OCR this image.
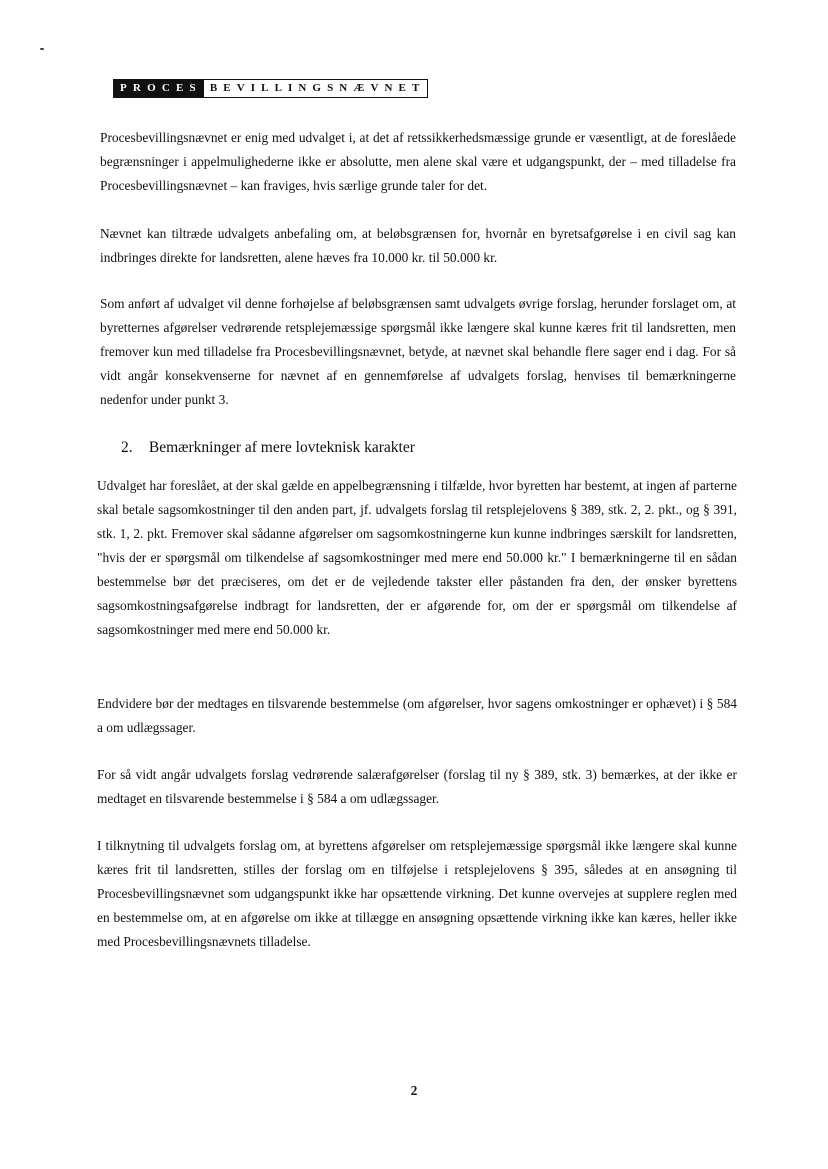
PROCES BEVILLINGSNÆVNET

Procesbevillingsnævnet er enig med udvalget i, at det af retssikkerhedsmæssige grunde er væsentligt, at de foreslåede begrænsninger i appelmulighederne ikke er absolutte, men alene skal være et udgangspunkt, der – med tilladelse fra Procesbevillingsnævnet – kan fraviges, hvis særlige grunde taler for det.

Nævnet kan tiltræde udvalgets anbefaling om, at beløbsgrænsen for, hvornår en byretsafgørelse i en civil sag kan indbringes direkte for landsretten, alene hæves fra 10.000 kr. til 50.000 kr.

Som anført af udvalget vil denne forhøjelse af beløbsgrænsen samt udvalgets øvrige forslag, herunder forslaget om, at byretternes afgørelser vedrørende retsplejemæssige spørgsmål ikke længere skal kunne kæres frit til landsretten, men fremover kun med tilladelse fra Procesbevillingsnævnet, betyde, at nævnet skal behandle flere sager end i dag. For så vidt angår konsekvenserne for nævnet af en gennemførelse af udvalgets forslag, henvises til bemærkningerne nedenfor under punkt 3.

2. Bemærkninger af mere lovteknisk karakter

Udvalget har foreslået, at der skal gælde en appelbegrænsning i tilfælde, hvor byretten har bestemt, at ingen af parterne skal betale sagsomkostninger til den anden part, jf. udvalgets forslag til retsplejelovens § 389, stk. 2, 2. pkt., og § 391, stk. 1, 2. pkt. Fremover skal sådanne afgørelser om sagsomkostningerne kun kunne indbringes særskilt for landsretten, "hvis der er spørgsmål om tilkendelse af sagsomkostninger med mere end 50.000 kr." I bemærkningerne til en sådan bestemmelse bør det præciseres, om det er de vejledende takster eller påstanden fra den, der ønsker byrettens sagsomkostningsafgørelse indbragt for landsretten, der er afgørende for, om der er spørgsmål om tilkendelse af sagsomkostninger med mere end 50.000 kr.

Endvidere bør der medtages en tilsvarende bestemmelse (om afgørelser, hvor sagens omkostninger er ophævet) i § 584 a om udlægssager.

For så vidt angår udvalgets forslag vedrørende salærafgørelser (forslag til ny § 389, stk. 3) bemærkes, at der ikke er medtaget en tilsvarende bestemmelse i § 584 a om udlægssager.

I tilknytning til udvalgets forslag om, at byrettens afgørelser om retsplejemæssige spørgsmål ikke længere skal kunne kæres frit til landsretten, stilles der forslag om en tilføjelse i retsplejelovens § 395, således at en ansøgning til Procesbevillingsnævnet som udgangspunkt ikke har opsættende virkning. Det kunne overvejes at supplere reglen med en bestemmelse om, at en afgørelse om ikke at tillægge en ansøgning opsættende virkning ikke kan kæres, heller ikke med Procesbevillingsnævnets tilladelse.

2
